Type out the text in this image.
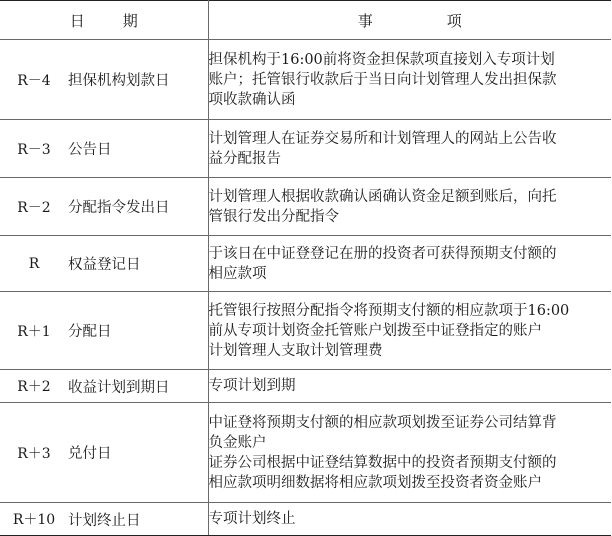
日 期		事 项
R－4	担保机构划款日	担保机构于16:00前将资金担保款项直接划入专项计划
账户；托管银行收款后于当日向计划管理人发出担保款
项收款确认函

R－3	公告日	计划管理人在证券交易所和计划管理人的网站上公告收
益分配报告

R－2	分配指令发出日	计划管理人根据收款确认函确认资金足额到账后，向托
管银行发出分配指令

R	权益登记日	于该日在中证登登记在册的投资者可获得预期支付额的
相应款项

R＋1	分配日	托管银行按照分配指令将预期支付额的相应款项于16:00
前从专项计划资金托管账户划拨至中证登指定的账户
计划管理人支取计划管理费

R＋2	收益计划到期日	专项计划到期

R＋3	兑付日	中证登将预期支付额的相应款项划拨至证券公司结算背
负金账户
证券公司根据中证登结算数据中的投资者预期支付额的
相应款项明细数据将相应款项划拨至投资者资金账户

R＋10	计划终止日	专项计划终止
